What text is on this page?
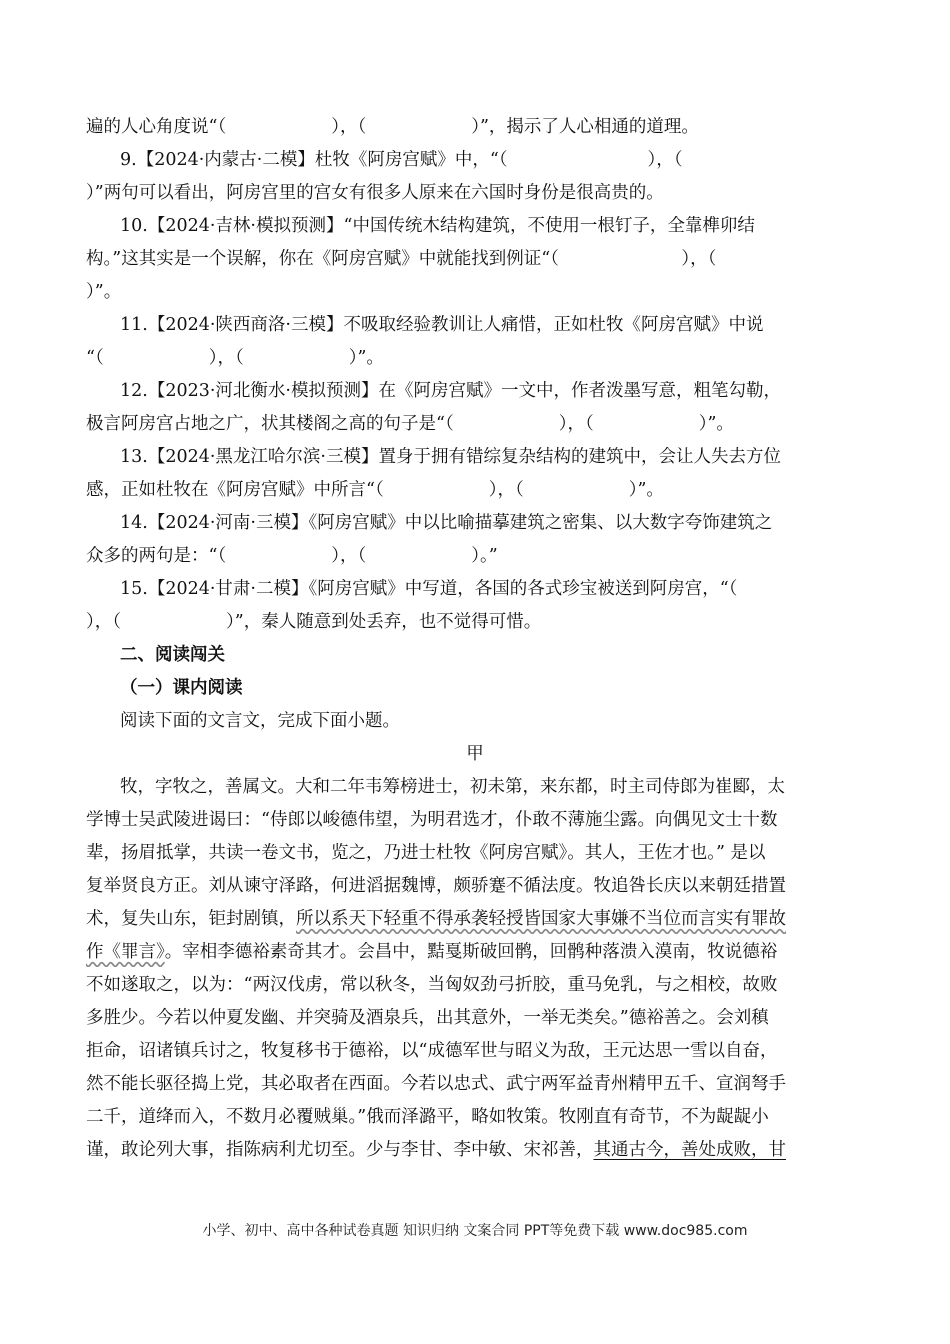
遍的人心角度说“（　　　　　　），（　　　　　　）”，揭示了人心相通的道理。
9.【2024·内蒙古·二模】杜牧《阿房宫赋》中，“（　　　　　　　　），（
）”两句可以看出，阿房宫里的宫女有很多人原来在六国时身份是很高贵的。
10.【2024·吉林·模拟预测】“中国传统木结构建筑，不使用一根钉子，全靠榫卯结
构。”这其实是一个误解，你在《阿房宫赋》中就能找到例证“（　　　　　　　），（
）”。
11.【2024·陕西商洛·三模】不吸取经验教训让人痛惜，正如杜牧《阿房宫赋》中说
“（　　　　　　），（　　　　　　）”。
12.【2023·河北衡水·模拟预测】在《阿房宫赋》一文中，作者泼墨写意，粗笔勾勒，
极言阿房宫占地之广，状其楼阁之高的句子是“（　　　　　　），（　　　　　　）”。
13.【2024·黑龙江哈尔滨·三模】置身于拥有错综复杂结构的建筑中，会让人失去方位
感，正如杜牧在《阿房宫赋》中所言“（　　　　　　），（　　　　　　）”。
14.【2024·河南·三模】《阿房宫赋》中以比喻描摹建筑之密集、以大数字夸饰建筑之
众多的两句是：“（　　　　　　），（　　　　　　）。”
15.【2024·甘肃·二模】《阿房宫赋》中写道，各国的各式珍宝被送到阿房宫，“（
），（　　　　　　）”，秦人随意到处丢弃，也不觉得可惜。
二、阅读闯关
（一）课内阅读
阅读下面的文言文，完成下面小题。
甲
牧，字牧之，善属文。大和二年韦筹榜进士，初未第，来东都，时主司侍郎为崔郾，太
学博士吴武陵进谒曰：“侍郎以峻德伟望，为明君选才，仆敢不薄施尘露。向偶见文士十数
辈，扬眉抵掌，共读一卷文书，览之，乃进士杜牧《阿房宫赋》。其人，王佐才也。” 是以
复举贤良方正。刘从谏守泽路，何进滔据魏博，颇骄蹇不循法度。牧追咎长庆以来朝廷措置
术，复失山东，钜封剧镇，所以系天下轻重不得承袭轻授皆国家大事嫌不当位而言实有罪故
作《罪言》。宰相李德裕素奇其才。会昌中，黠戛斯破回鹘，回鹘种落溃入漠南，牧说德裕
不如遂取之，以为：“两汉伐虏，常以秋冬，当匈奴劲弓折胶，重马免乳，与之相校，故败
多胜少。今若以仲夏发幽、并突骑及酒泉兵，出其意外，一举无类矣。”德裕善之。会刘稹
拒命，诏诸镇兵讨之，牧复移书于德裕，以“成德军世与昭义为敌，王元达思一雪以自奋，
然不能长驱径捣上党，其必取者在西面。今若以忠式、武宁两军益青州精甲五千、宣润弩手
二千，道绛而入，不数月必覆贼巢。”俄而泽潞平，略如牧策。牧刚直有奇节，不为龊龊小
谨，敢论列大事，指陈病利尤切至。少与李甘、李中敏、宋祁善，其通古今，善处成败，甘
小学、初中、高中各种试卷真题 知识归纳 文案合同 PPT等免费下载 www.doc985.com
